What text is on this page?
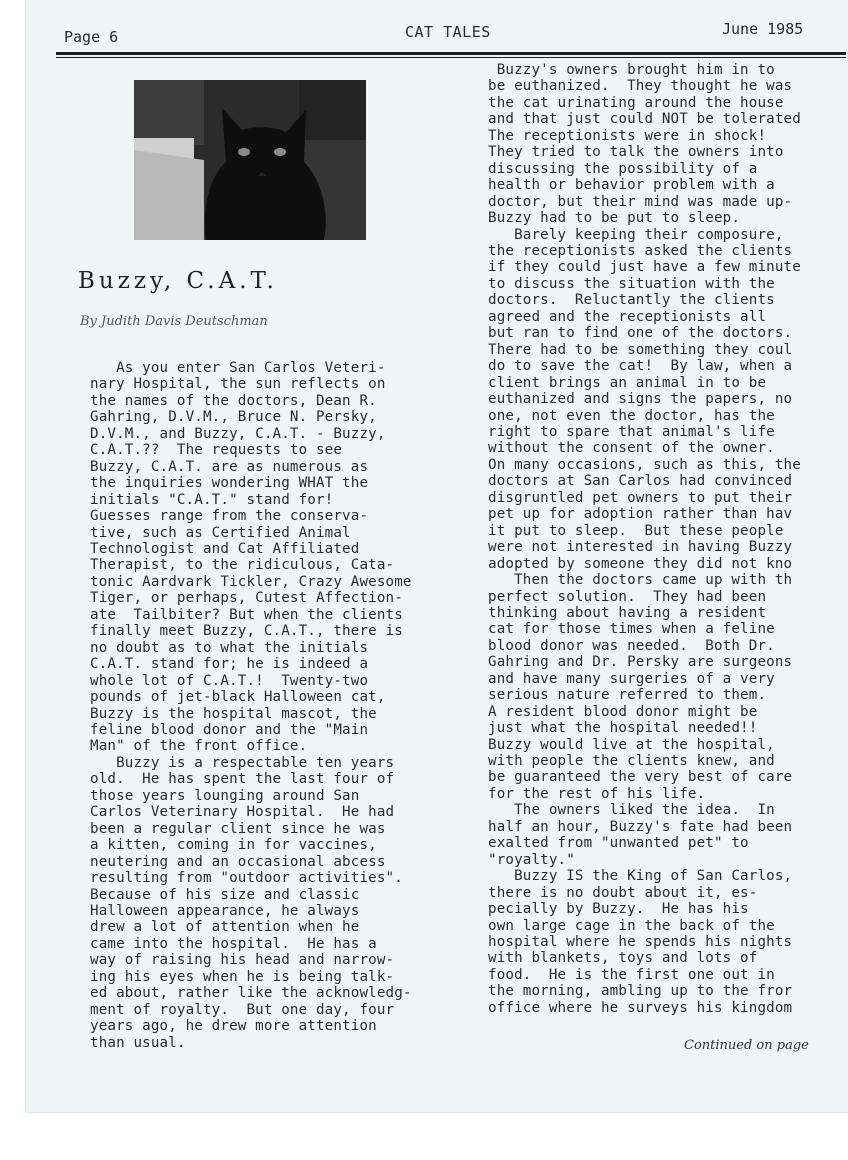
Page 6	CAT TALES	June 1985
Buzzy, C.A.T.
By Judith Davis Deutschman
As you enter San Carlos Veteri-
nary Hospital, the sun reflects on
the names of the doctors, Dean R.
Gahring, D.V.M., Bruce N. Persky,
D.V.M., and Buzzy, C.A.T. - Buzzy,
C.A.T.??  The requests to see
Buzzy, C.A.T. are as numerous as
the inquiries wondering WHAT the
initials "C.A.T." stand for!
Guesses range from the conserva-
tive, such as Certified Animal
Technologist and Cat Affiliated
Therapist, to the ridiculous, Cata-
tonic Aardvark Tickler, Crazy Awesome
Tiger, or perhaps, Cutest Affection-
ate  Tailbiter? But when the clients
finally meet Buzzy, C.A.T., there is
no doubt as to what the initials
C.A.T. stand for; he is indeed a
whole lot of C.A.T.!  Twenty-two
pounds of jet-black Halloween cat,
Buzzy is the hospital mascot, the
feline blood donor and the "Main
Man" of the front office.
Buzzy is a respectable ten years
old.  He has spent the last four of
those years lounging around San
Carlos Veterinary Hospital.  He had
been a regular client since he was
a kitten, coming in for vaccines,
neutering and an occasional abcess
resulting from "outdoor activities".
Because of his size and classic
Halloween appearance, he always
drew a lot of attention when he
came into the hospital.  He has a
way of raising his head and narrow-
ing his eyes when he is being talk-
ed about, rather like the acknowledg-
ment of royalty.  But one day, four
years ago, he drew more attention
than usual.
Buzzy's owners brought him in to
be euthanized.  They thought he was
the cat urinating around the house
and that just could NOT be tolerated
The receptionists were in shock!
They tried to talk the owners into
discussing the possibility of a
health or behavior problem with a
doctor, but their mind was made up-
Buzzy had to be put to sleep.
Barely keeping their composure,
the receptionists asked the clients
if they could just have a few minute
to discuss the situation with the
doctors.  Reluctantly the clients
agreed and the receptionists all
but ran to find one of the doctors.
There had to be something they coul
do to save the cat!  By law, when a
client brings an animal in to be
euthanized and signs the papers, no
one, not even the doctor, has the
right to spare that animal's life
without the consent of the owner.
On many occasions, such as this, the
doctors at San Carlos had convinced
disgruntled pet owners to put their
pet up for adoption rather than hav
it put to sleep.  But these people
were not interested in having Buzzy
adopted by someone they did not kno
Then the doctors came up with th
perfect solution.  They had been
thinking about having a resident
cat for those times when a feline
blood donor was needed.  Both Dr.
Gahring and Dr. Persky are surgeons
and have many surgeries of a very
serious nature referred to them.
A resident blood donor might be
just what the hospital needed!!
Buzzy would live at the hospital,
with people the clients knew, and
be guaranteed the very best of care
for the rest of his life.
The owners liked the idea.  In
half an hour, Buzzy's fate had been
exalted from "unwanted pet" to
"royalty."
Buzzy IS the King of San Carlos,
there is no doubt about it, es-
pecially by Buzzy.  He has his
own large cage in the back of the
hospital where he spends his nights
with blankets, toys and lots of
food.  He is the first one out in
the morning, ambling up to the fror
office where he surveys his kingdom
Continued on page
